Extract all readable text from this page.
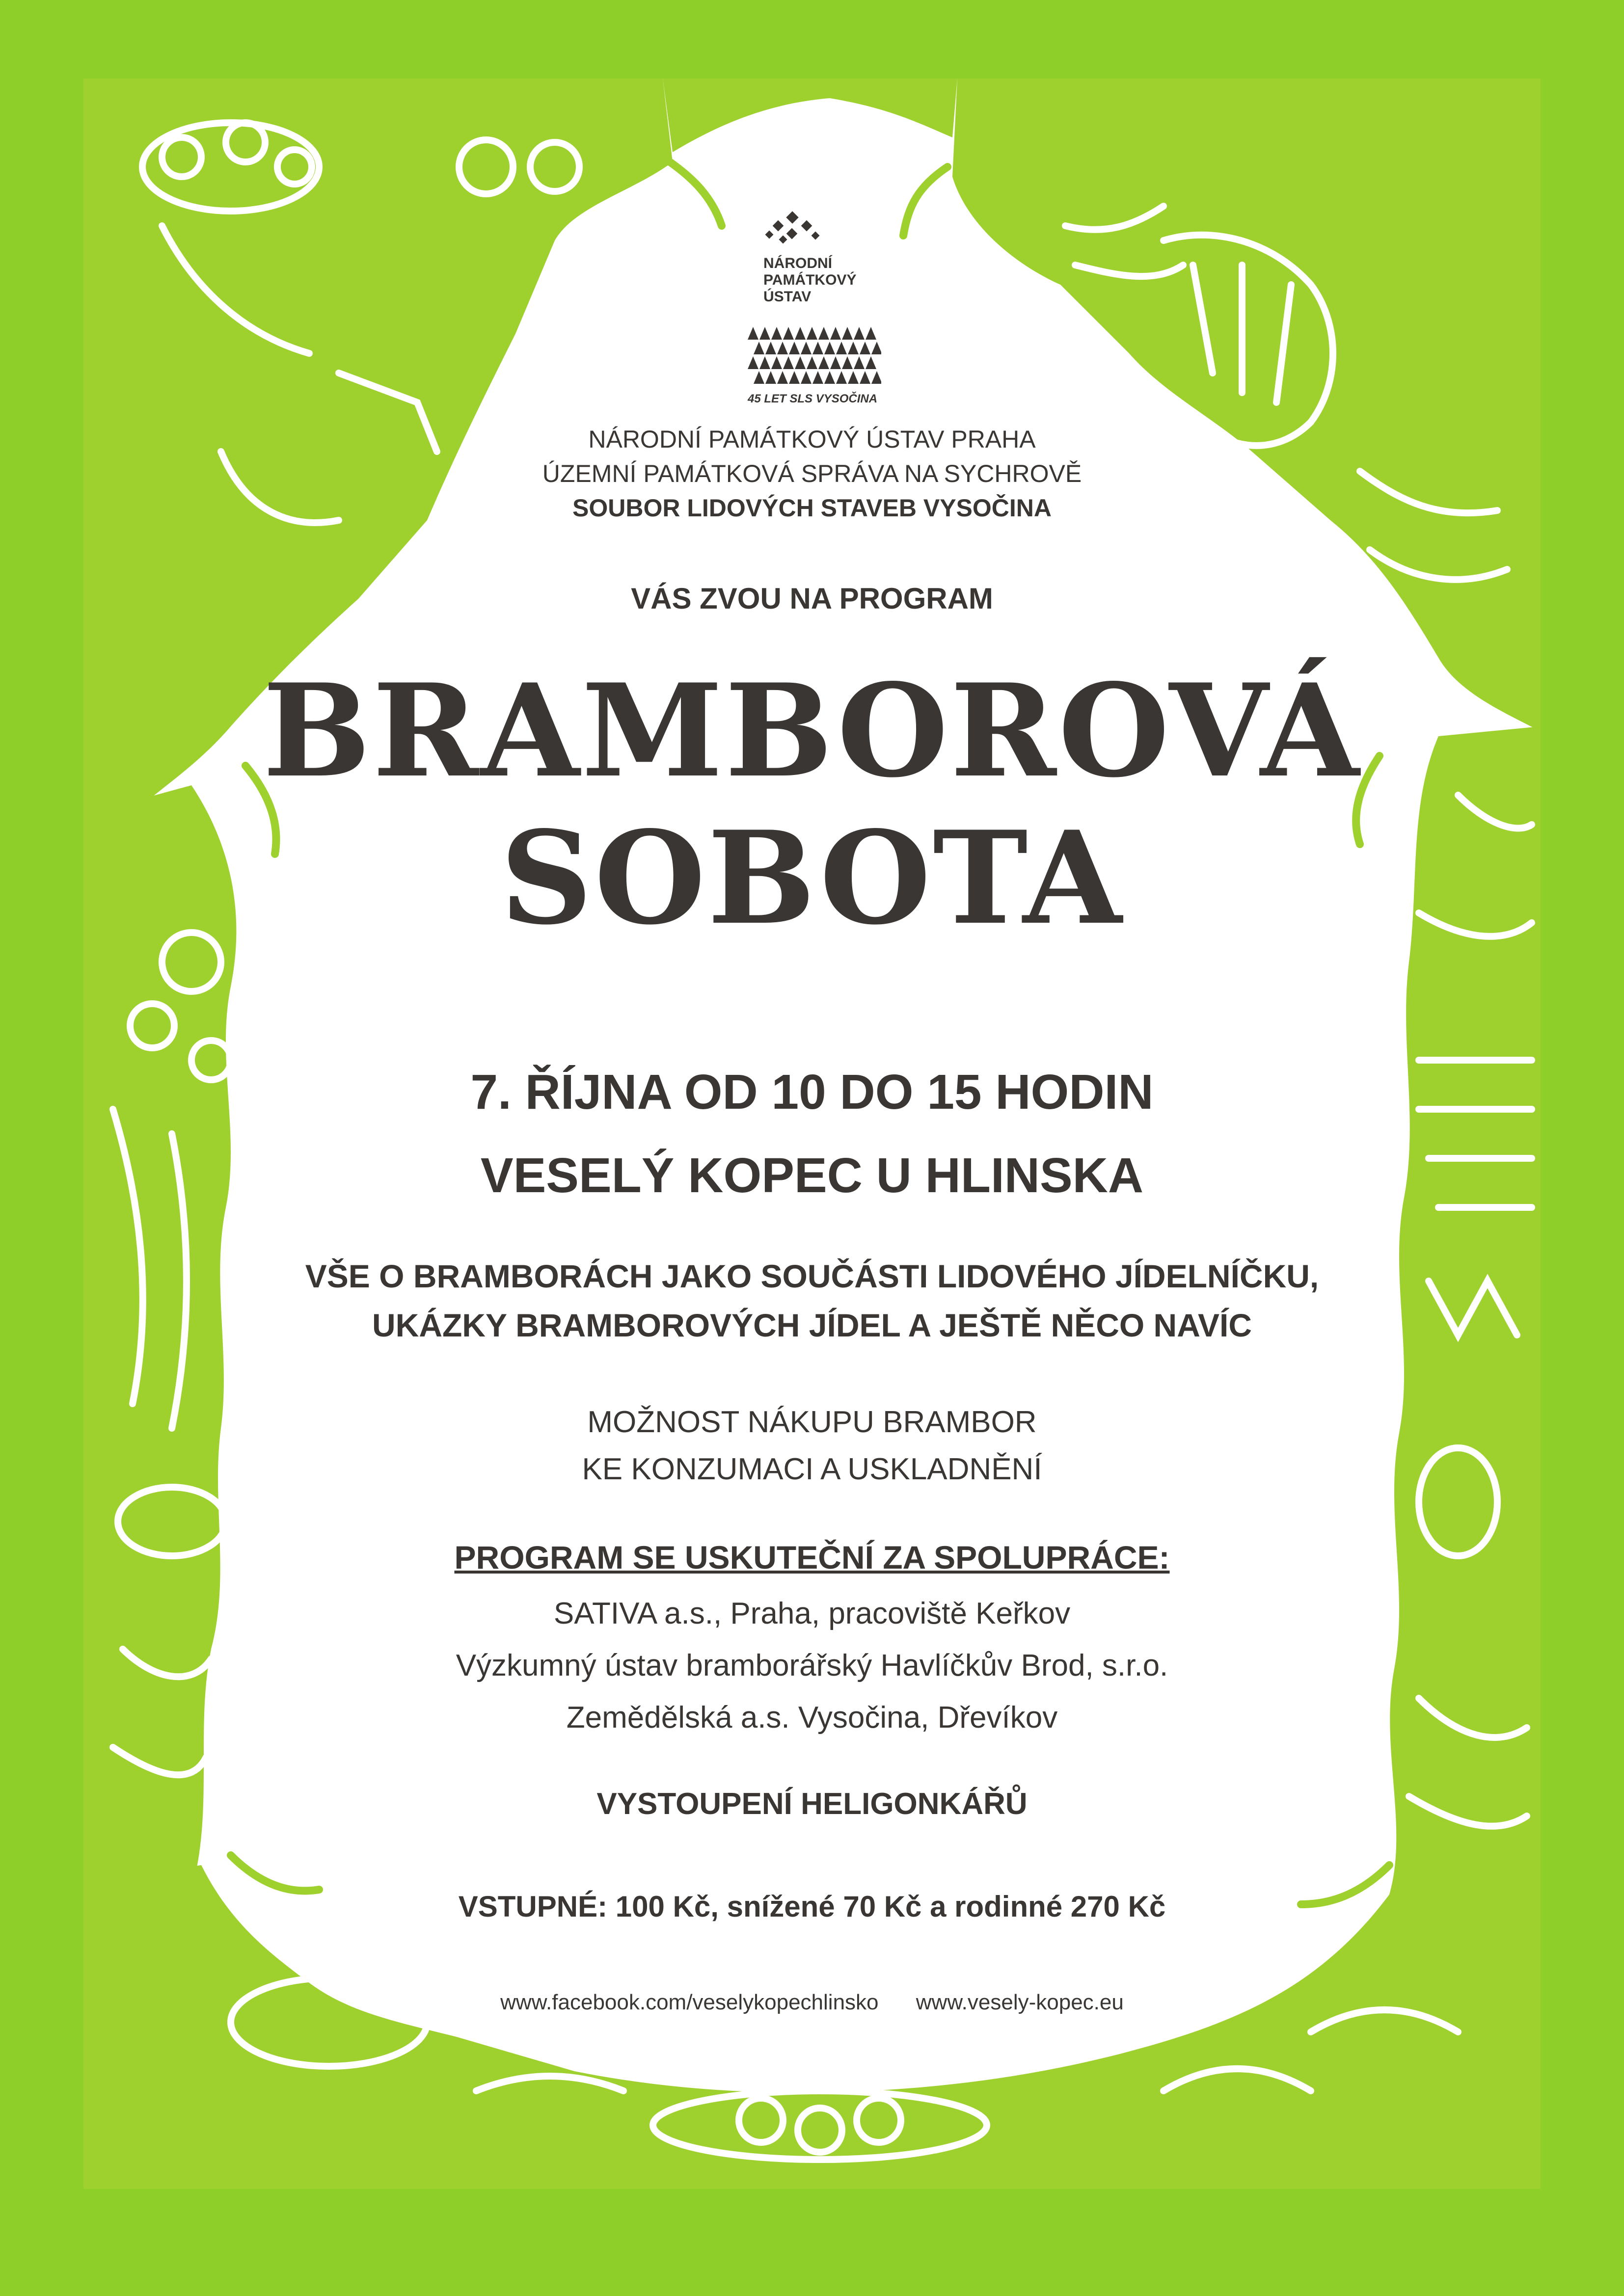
NÁRODNÍ
PAMÁTKOVÝ
ÚSTAV
45 LET SLS VYSOČINA
NÁRODNÍ PAMÁTKOVÝ ÚSTAV PRAHA
ÚZEMNÍ PAMÁTKOVÁ SPRÁVA NA SYCHROVĚ
SOUBOR LIDOVÝCH STAVEB VYSOČINA
VÁS ZVOU NA PROGRAM
BRAMBOROVÁ
SOBOTA
7. ŘÍJNA OD 10 DO 15 HODIN
VESELÝ KOPEC U HLINSKA
VŠE O BRAMBORÁCH JAKO SOUČÁSTI LIDOVÉHO JÍDELNÍČKU,
UKÁZKY BRAMBOROVÝCH JÍDEL A JEŠTĚ NĚCO NAVÍC
MOŽNOST NÁKUPU BRAMBOR
KE KONZUMACI A USKLADNĚNÍ
PROGRAM SE USKUTEČNÍ ZA SPOLUPRÁCE:
SATIVA a.s., Praha, pracoviště Keřkov
Výzkumný ústav bramborářský Havlíčkův Brod, s.r.o.
Zemědělská a.s. Vysočina, Dřevíkov
VYSTOUPENÍ HELIGONKÁŘŮ
VSTUPNÉ: 100 Kč, snížené 70 Kč a rodinné 270 Kč
www.facebook.com/veselykopechlinsko www.vesely-kopec.eu
